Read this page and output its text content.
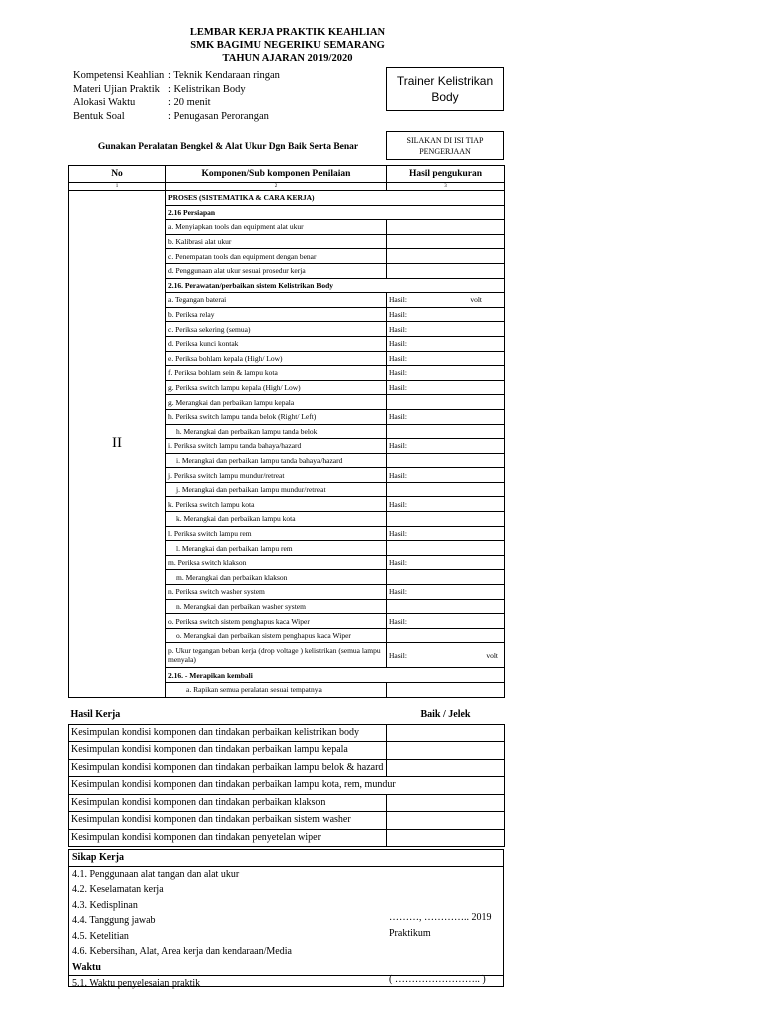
LEMBAR KERJA PRAKTIK KEAHLIAN
SMK BAGIMU NEGERIKU SEMARANG
TAHUN AJARAN 2019/2020
Kompetensi Keahlian : Teknik Kendaraan ringan
Materi Ujian Praktik : Kelistrikan Body
Alokasi Waktu	: 20 menit
Bentuk Soal	: Penugasan Perorangan
Trainer Kelistrikan
Body
SILAKAN DI ISI TIAP
PENGERJAAN
Gunakan Peralatan Bengkel & Alat Ukur Dgn Baik Serta Benar
No	Komponen/Sub komponen Penilaian	Hasil pengukuran
1	2	3
II	PROSES (SISTEMATIKA & CARA KERJA)	
	2.16 Persiapan	
	a. Menyiapkan tools dan equipment alat ukur	
	b. Kalibrasi alat ukur	
	c. Penempatan tools dan equipment dengan benar	
	d. Penggunaan alat ukur sesuai prosedur kerja	
	2.16. Perawatan/perbaikan sistem Kelistrikan Body	
	a. Tegangan baterai	Hasil: volt

	b. Periksa relay	Hasil:
	c. Periksa sekering (semua)	Hasil:
	d. Periksa kunci kontak	Hasil:
	e. Periksa bohlam kepala (High/ Low)	Hasil:
	f. Periksa bohlam sein & lampu kota	Hasil:
	g. Periksa switch lampu kepala (High/ Low)	Hasil:
	g. Merangkai dan perbaikan lampu kepala	
	h. Periksa switch lampu tanda belok (Right/ Left)	Hasil:
	h. Merangkai dan perbaikan lampu tanda belok	
	i. Periksa switch lampu tanda bahaya/hazard	Hasil:
	i. Merangkai dan perbaikan lampu tanda bahaya/hazard	
	j. Periksa switch lampu mundur/retreat	Hasil:
	j. Merangkai dan perbaikan lampu mundur/retreat	
	k. Periksa switch lampu kota	Hasil:
	k. Merangkai dan perbaikan lampu kota	
	l. Periksa switch lampu rem	Hasil:
	l. Merangkai dan perbaikan lampu rem	
	m. Periksa switch klakson	Hasil:
	m. Merangkai dan perbaikan klakson	
	n. Periksa switch washer system	Hasil:
	n. Merangkai dan perbaikan washer system	
	o. Periksa switch sistem penghapus kaca Wiper	Hasil:
	o. Merangkai dan perbaikan sistem penghapus kaca Wiper	
	p. Ukur tegangan beban kerja (drop voltage ) kelistrikan (semua lampu menyala)	Hasil: volt

	2.16. - Merapikan kembali	
	a. Rapikan semua peralatan sesuai tempatnya	
Hasil Kerja	Baik / Jelek
Kesimpulan kondisi komponen dan tindakan perbaikan kelistrikan body	
Kesimpulan kondisi komponen dan tindakan perbaikan lampu kepala	
Kesimpulan kondisi komponen dan tindakan perbaikan lampu belok & hazard	
Kesimpulan kondisi komponen dan tindakan perbaikan lampu kota, rem, mundur	
Kesimpulan kondisi komponen dan tindakan perbaikan klakson	
Kesimpulan kondisi komponen dan tindakan perbaikan sistem washer	
Kesimpulan kondisi komponen dan tindakan penyetelan wiper	
Sikap Kerja
4.1. Penggunaan alat tangan dan alat ukur
4.2. Keselamatan kerja
4.3. Kedisplinan
4.4. Tanggung jawab
4.5. Ketelitian
4.6. Kebersihan, Alat, Area kerja dan kendaraan/Media
Waktu
5.1. Waktu penyelesaian praktik
………, ………….. 2019
Praktikum
( …………………….. )
